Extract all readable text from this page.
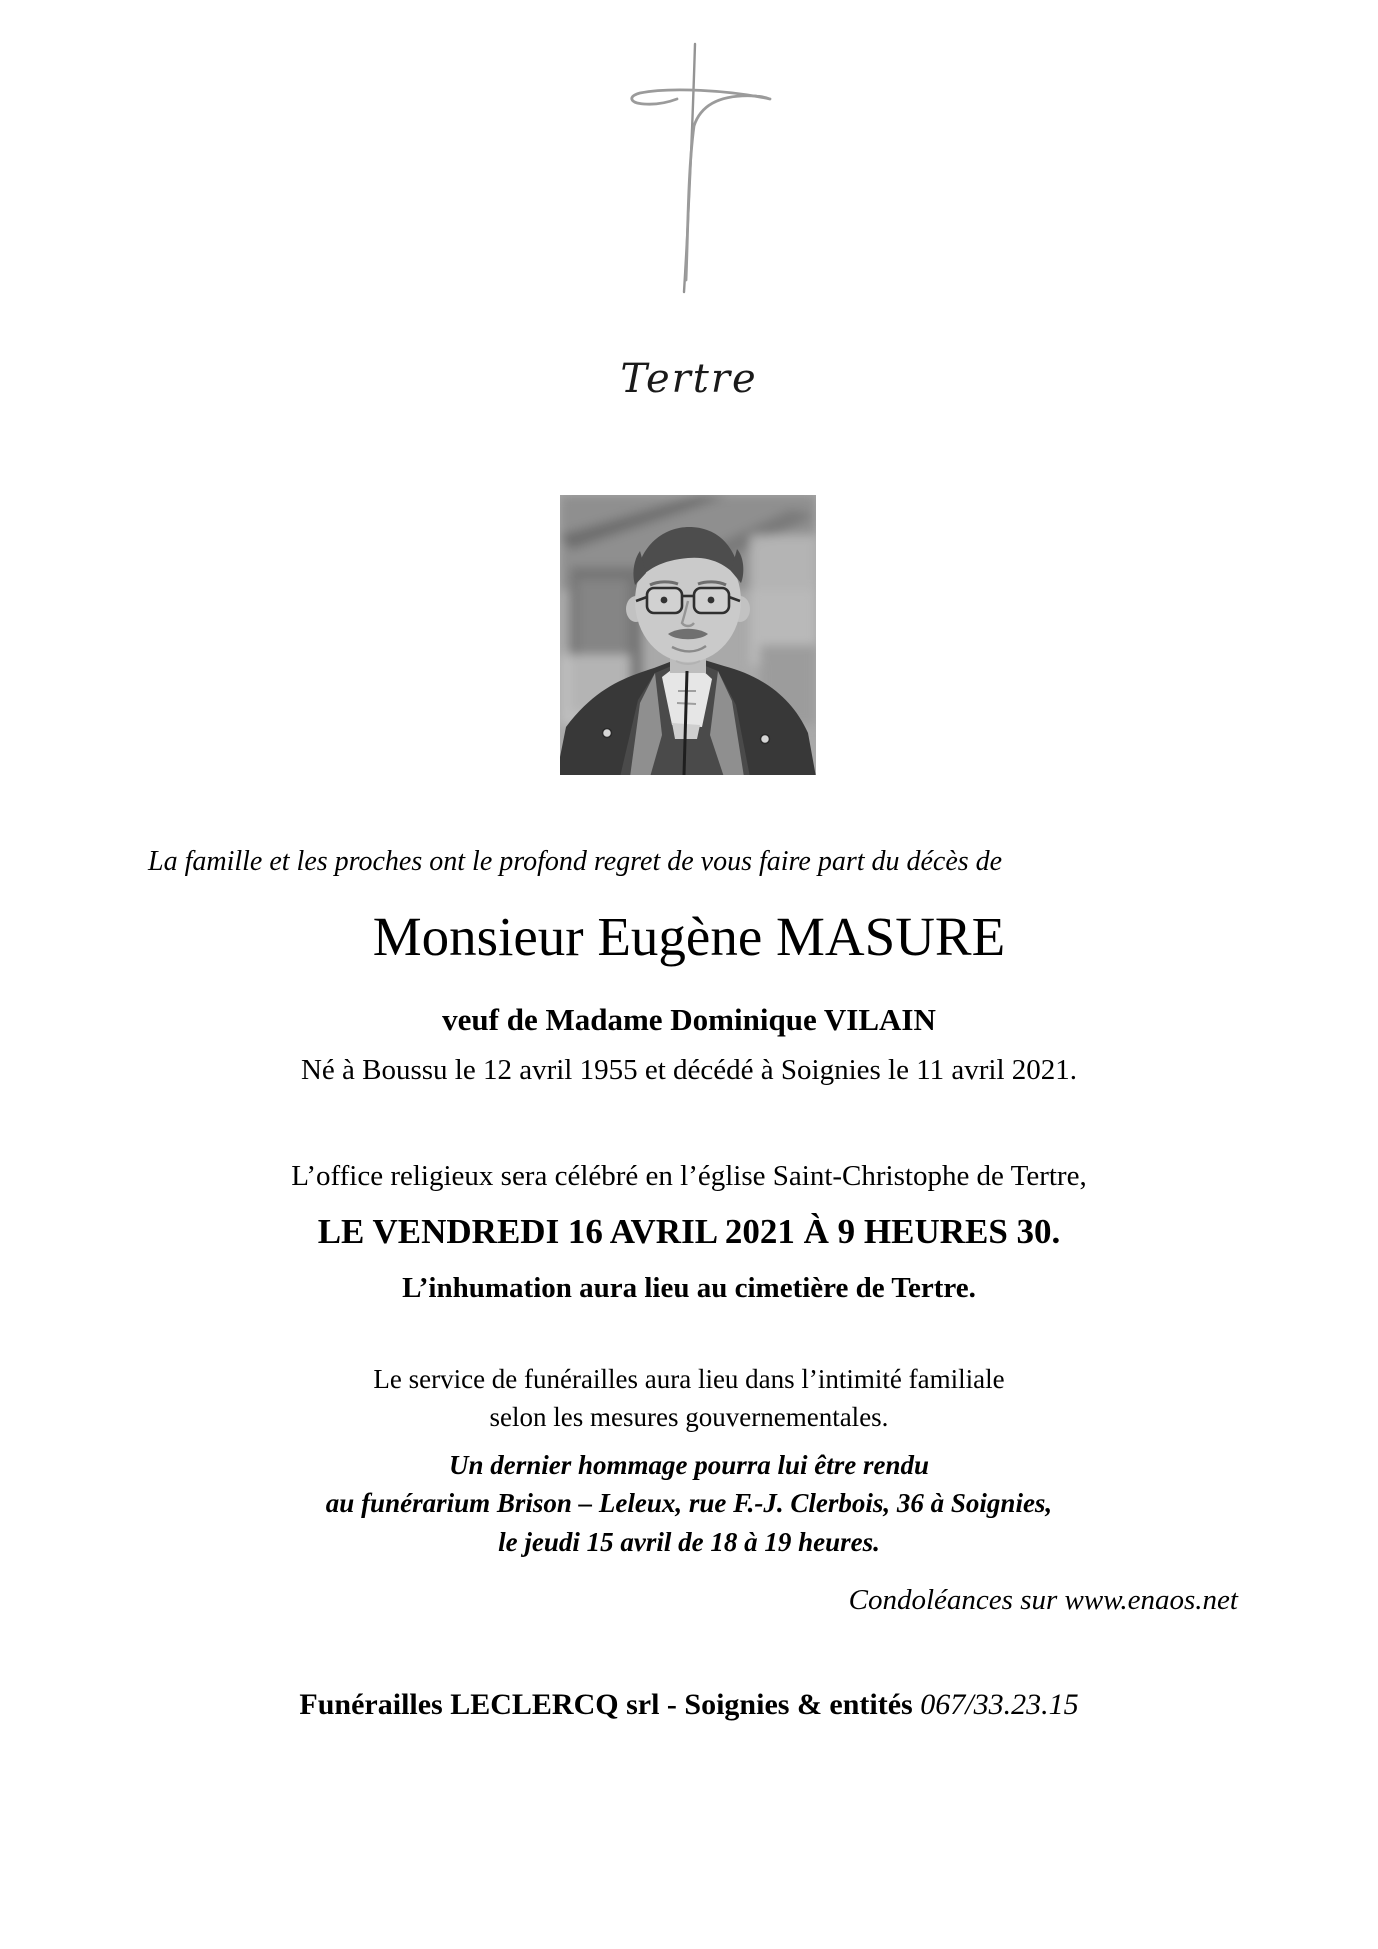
Tertre
La famille et les proches ont le profond regret de vous faire part du décès de
Monsieur Eugène MASURE
veuf de Madame Dominique VILAIN
Né à Boussu le 12 avril 1955 et décédé à Soignies le 11 avril 2021.
L’office religieux sera célébré en l’église Saint-Christophe de Tertre,
LE VENDREDI 16 AVRIL 2021 À 9 HEURES 30.
L’inhumation aura lieu au cimetière de Tertre.
Le service de funérailles aura lieu dans l’intimité familiale
selon les mesures gouvernementales.
Un dernier hommage pourra lui être rendu
au funérarium Brison – Leleux, rue F.-J. Clerbois, 36 à Soignies,
le jeudi 15 avril de 18 à 19 heures.
Condoléances sur www.enaos.net
Funérailles LECLERCQ srl - Soignies & entités 067/33.23.15
